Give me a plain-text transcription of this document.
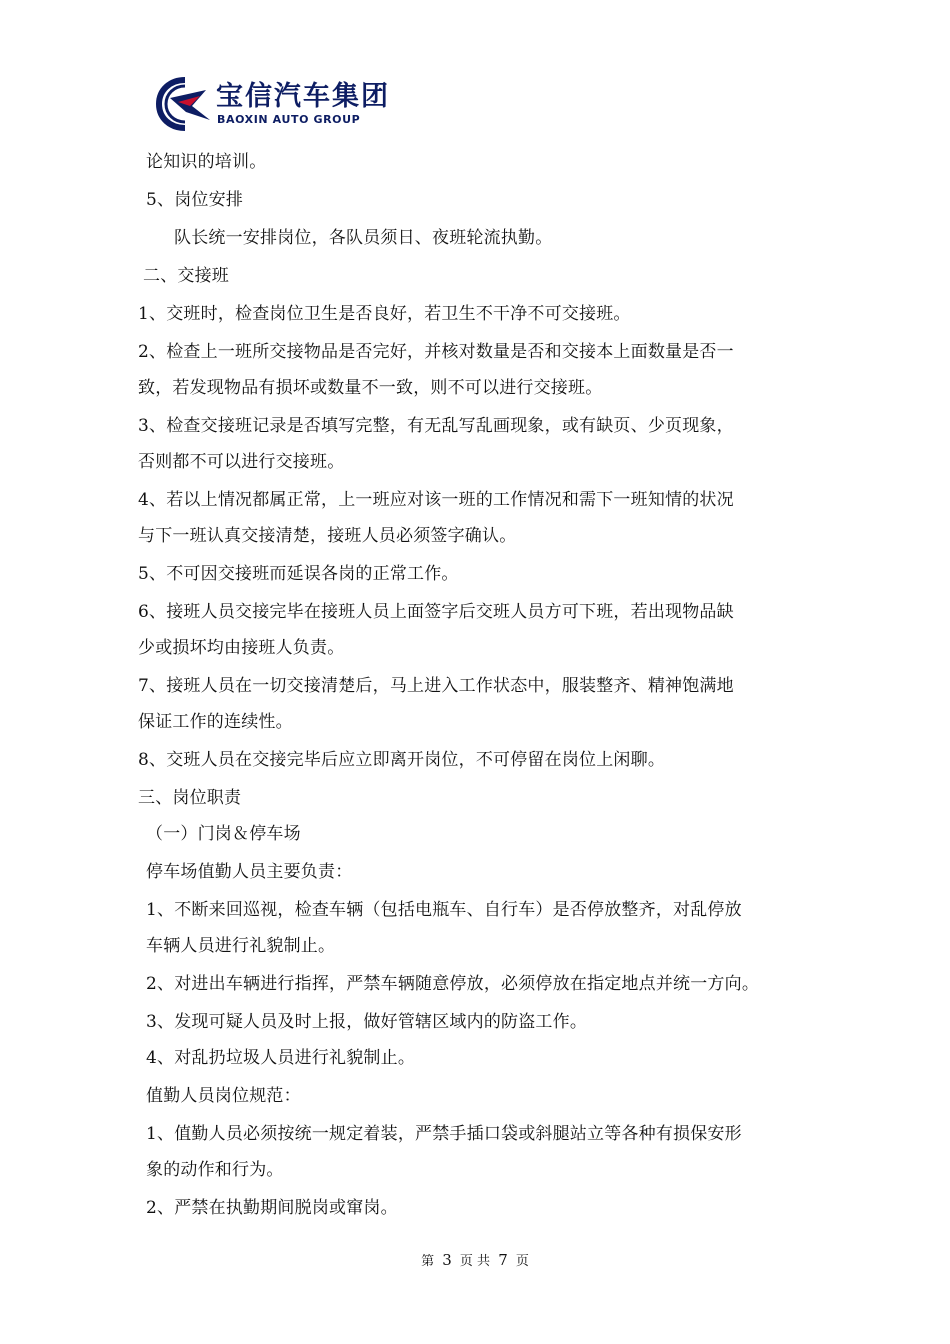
宝信汽车集团
BAOXIN AUTO GROUP
论知识的培训。
5、岗位安排
队长统一安排岗位，各队员须日、夜班轮流执勤。
二、交接班
1、交班时，检查岗位卫生是否良好，若卫生不干净不可交接班。
2、检查上一班所交接物品是否完好，并核对数量是否和交接本上面数量是否一
致，若发现物品有损坏或数量不一致，则不可以进行交接班。
3、检查交接班记录是否填写完整，有无乱写乱画现象，或有缺页、少页现象，
否则都不可以进行交接班。
4、若以上情况都属正常，上一班应对该一班的工作情况和需下一班知情的状况
与下一班认真交接清楚，接班人员必须签字确认。
5、不可因交接班而延误各岗的正常工作。
6、接班人员交接完毕在接班人员上面签字后交班人员方可下班，若出现物品缺
少或损坏均由接班人负责。
7、接班人员在一切交接清楚后，马上进入工作状态中，服装整齐、精神饱满地
保证工作的连续性。
8、交班人员在交接完毕后应立即离开岗位，不可停留在岗位上闲聊。
三、岗位职责
（一）门岗＆停车场
停车场值勤人员主要负责：
1、不断来回巡视，检查车辆（包括电瓶车、自行车）是否停放整齐，对乱停放
车辆人员进行礼貌制止。
2、对进出车辆进行指挥，严禁车辆随意停放，必须停放在指定地点并统一方向。
3、发现可疑人员及时上报，做好管辖区域内的防盗工作。
4、对乱扔垃圾人员进行礼貌制止。
值勤人员岗位规范：
1、值勤人员必须按统一规定着装，严禁手插口袋或斜腿站立等各种有损保安形
象的动作和行为。
2、严禁在执勤期间脱岗或窜岗。
第 3 页 共 7 页
